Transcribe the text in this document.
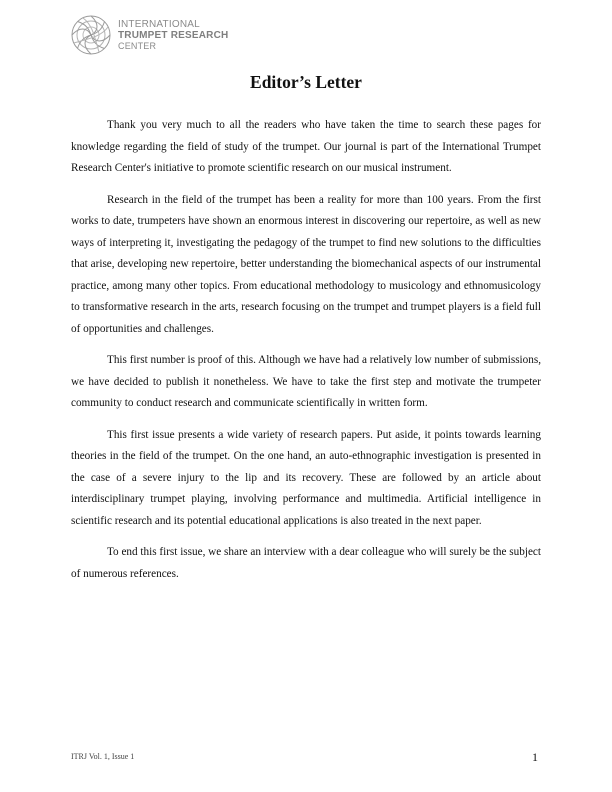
INTERNATIONAL
TRUMPET RESEARCH
CENTER
Editor’s Letter

Thank you very much to all the readers who have taken the time to search these pages for knowledge regarding the field of study of the trumpet. Our journal is part of the International Trumpet Research Center's initiative to promote scientific research on our musical instrument.

Research in the field of the trumpet has been a reality for more than 100 years. From the first works to date, trumpeters have shown an enormous interest in discovering our repertoire, as well as new ways of interpreting it, investigating the pedagogy of the trumpet to find new solutions to the difficulties that arise, developing new repertoire, better understanding the biomechanical aspects of our instrumental practice, among many other topics. From educational methodology to musicology and ethnomusicology to transformative research in the arts, research focusing on the trumpet and trumpet players is a field full of opportunities and challenges.

This first number is proof of this. Although we have had a relatively low number of submissions, we have decided to publish it nonetheless. We have to take the first step and motivate the trumpeter community to conduct research and communicate scientifically in written form.

This first issue presents a wide variety of research papers. Put aside, it points towards learning theories in the field of the trumpet. On the one hand, an auto-ethnographic investigation is presented in the case of a severe injury to the lip and its recovery. These are followed by an article about interdisciplinary trumpet playing, involving performance and multimedia. Artificial intelligence in scientific research and its potential educational applications is also treated in the next paper.

To end this first issue, we share an interview with a dear colleague who will surely be the subject of numerous references.

ITRJ Vol. 1, Issue 1	1
